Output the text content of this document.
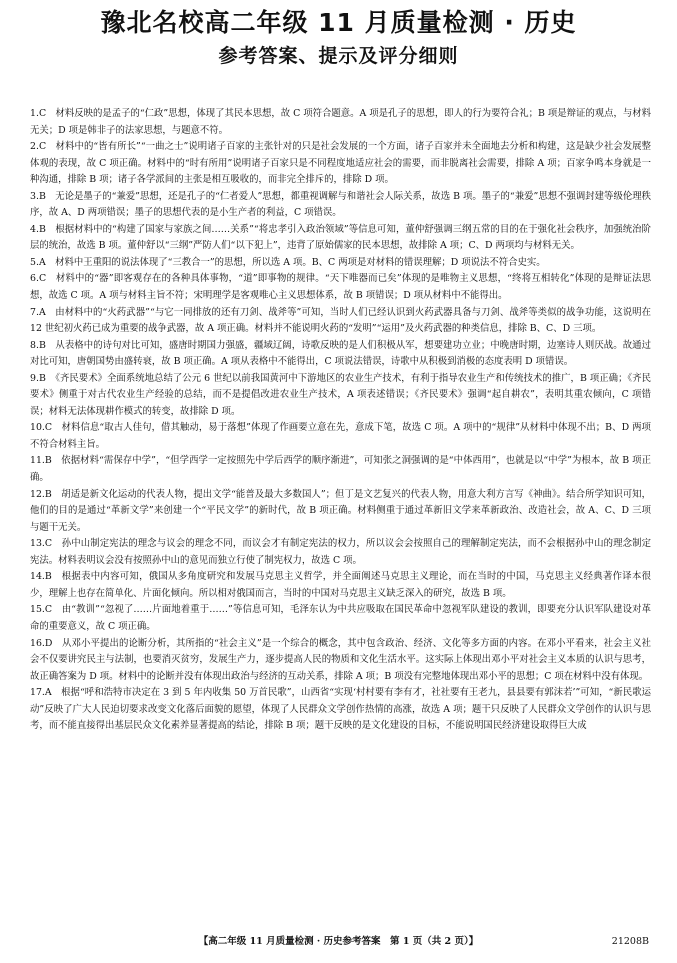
豫北名校高二年级 11 月质量检测 · 历史
参考答案、提示及评分细则

1.C　材料反映的是孟子的“仁政”思想，体现了其民本思想，故 C 项符合题意。A 项是孔子的思想，即人的行为要符合礼；B 项是辩证的观点，与材料无关；D 项是韩非子的法家思想，与题意不符。

2.C　材料中的“皆有所长”“一曲之士”说明诸子百家的主张针对的只是社会发展的一个方面，诸子百家并未全面地去分析和构建，这是缺少社会发展整体观的表现，故 C 项正确。材料中的“时有所用”说明诸子百家只是不同程度地适应社会的需要，而非脱离社会需要，排除 A 项；百家争鸣本身就是一种沟通，排除 B 项；诸子各学派间的主张是相互吸收的，而非完全排斥的，排除 D 项。

3.B　无论是墨子的“兼爱”思想，还是孔子的“仁者爱人”思想，都重视调解与和谐社会人际关系，故选 B 项。墨子的“兼爱”思想不强调封建等级伦理秩序，故 A、D 两项错误；墨子的思想代表的是小生产者的利益，C 项错误。

4.B　根据材料中的“构建了国家与家族之间……关系”“将忠孝引入政治领域”等信息可知，董仲舒强调三纲五常的目的在于强化社会秩序，加强统治阶层的统治，故选 B 项。董仲舒以“三纲”严防人们“以下犯上”，违背了原始儒家的民本思想，故排除 A 项；C、D 两项均与材料无关。

5.A　材料中王重阳的说法体现了“三教合一”的思想，所以选 A 项。B、C 两项是对材料的错误理解；D 项说法不符合史实。

6.C　材料中的“器”即客观存在的各种具体事物，“道”即事物的规律。“天下唯器而已矣”体现的是唯物主义思想，“终将互相转化”体现的是辩证法思想，故选 C 项。A 项与材料主旨不符；宋明理学是客观唯心主义思想体系，故 B 项错误；D 项从材料中不能得出。

7.A　由材料中的“火药武器”“与它一同排放的还有刀剑、战斧等”可知，当时人们已经认识到火药武器具备与刀剑、战斧等类似的战争功能，这说明在 12 世纪初火药已成为重要的战争武器，故 A 项正确。材料并不能说明火药的“发明”“运用”及火药武器的种类信息，排除 B、C、D 三项。

8.B　从表格中的诗句对比可知，盛唐时期国力强盛，疆域辽阔，诗歌反映的是人们积极从军，想要建功立业；中晚唐时期，边塞诗人则厌战。故通过对比可知，唐朝国势由盛转衰，故 B 项正确。A 项从表格中不能得出，C 项说法错误，诗歌中从积极到消极的态度表明 D 项错误。

9.B　《齐民要术》全面系统地总结了公元 6 世纪以前我国黄河中下游地区的农业生产技术，有利于指导农业生产和传统技术的推广，B 项正确；《齐民要术》侧重于对古代农业生产经验的总结，而不是提倡改进农业生产技术，A 项表述错误；《齐民要术》强调“起自耕农”，表明其重农倾向，C 项错误；材料无法体现耕作模式的转变，故排除 D 项。

10.C　材料信息“取古人佳句，借其触动，易于落想”体现了作画要立意在先，意成下笔，故选 C 项。A 项中的“规律”从材料中体现不出；B、D 两项不符合材料主旨。

11.B　依据材料“需保存中学”，“但学西学一定按照先中学后西学的顺序渐进”，可知张之洞强调的是“中体西用”，也就是以“中学”为根本，故 B 项正确。

12.B　胡适是新文化运动的代表人物，提出文学“能普及最大多数国人”；但丁是文艺复兴的代表人物，用意大利方言写《神曲》。结合所学知识可知，他们的目的是通过“革新文学”来创建一个“平民文学”的新时代，故 B 项正确。材料侧重于通过革新旧文学来革新政治、改造社会，故 A、C、D 三项与题干无关。

13.C　孙中山制定宪法的理念与议会的理念不同，而议会才有制定宪法的权力，所以议会会按照自己的理解制定宪法，而不会根据孙中山的理念制定宪法。材料表明议会没有按照孙中山的意见而独立行使了制宪权力，故选 C 项。

14.B　根据表中内容可知，俄国从多角度研究和发展马克思主义哲学，并全面阐述马克思主义理论，而在当时的中国，马克思主义经典著作译本很少，理解上也存在简单化、片面化倾向。所以相对俄国而言，当时的中国对马克思主义缺乏深入的研究，故选 B 项。

15.C　由“教训”“忽视了……片面地着重于……”等信息可知，毛泽东认为中共应吸取在国民革命中忽视军队建设的教训，即要充分认识军队建设对革命的重要意义，故 C 项正确。

16.D　从邓小平提出的论断分析，其所指的“社会主义”是一个综合的概念，其中包含政治、经济、文化等多方面的内容。在邓小平看来，社会主义社会不仅要讲究民主与法制，也要消灭贫穷，发展生产力，逐步提高人民的物质和文化生活水平。这实际上体现出邓小平对社会主义本质的认识与思考，故正确答案为 D 项。材料中的论断并没有体现出政治与经济的互动关系，排除 A 项；B 项没有完整地体现出邓小平的思想；C 项在材料中没有体现。

17.A　根据“呼和浩特市决定在 3 到 5 年内收集 50 万首民歌”，山西省“实现‘村村要有李有才，社社要有王老九，县县要有郭沫若’”可知，“新民歌运动”反映了广大人民迫切要求改变文化落后面貌的愿望，体现了人民群众文学创作热情的高涨，故选 A 项；题干只反映了人民群众文学创作的认识与思考，而不能直接得出基层民众文化素养显著提高的结论，排除 B 项；题干反映的是文化建设的目标，不能说明国民经济建设取得巨大成

【高二年级 11 月质量检测 · 历史参考答案　第 1 页（共 2 页）】	21208B
